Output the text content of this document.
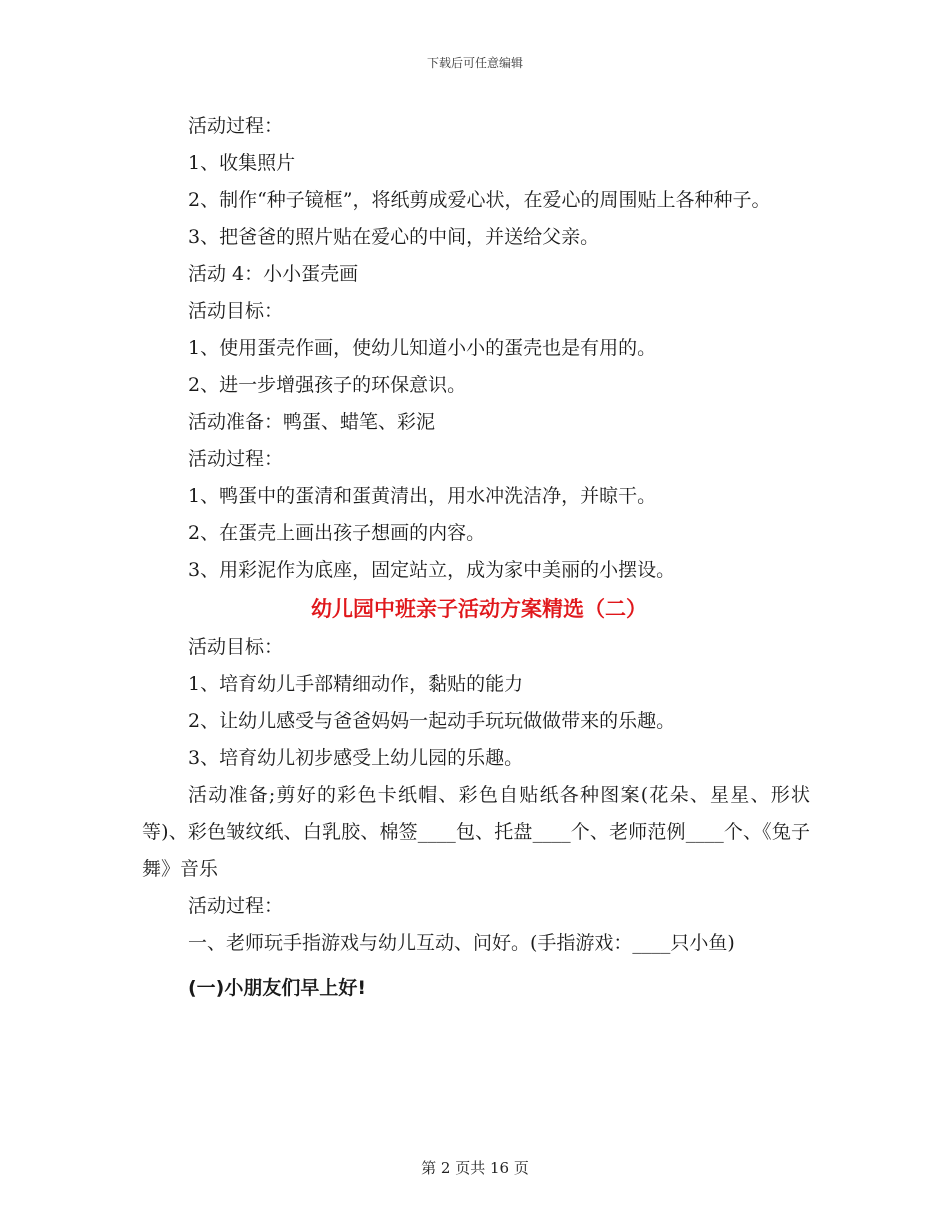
下载后可任意编辑

活动过程：

1、收集照片

2、制作“种子镜框”，将纸剪成爱心状，在爱心的周围贴上各种种子。

3、把爸爸的照片贴在爱心的中间，并送给父亲。

活动 4：小小蛋壳画

活动目标：

1、使用蛋壳作画，使幼儿知道小小的蛋壳也是有用的。

2、进一步增强孩子的环保意识。

活动准备：鸭蛋、蜡笔、彩泥

活动过程：

1、鸭蛋中的蛋清和蛋黄清出，用水冲洗洁净，并晾干。

2、在蛋壳上画出孩子想画的内容。

3、用彩泥作为底座，固定站立，成为家中美丽的小摆设。

幼儿园中班亲子活动方案精选（二）

活动目标：

1、培育幼儿手部精细动作，黏贴的能力

2、让幼儿感受与爸爸妈妈一起动手玩玩做做带来的乐趣。

3、培育幼儿初步感受上幼儿园的乐趣。

活动准备;剪好的彩色卡纸帽、彩色自贴纸各种图案(花朵、星星、形状等)、彩色皱纹纸、白乳胶、棉签____包、托盘____个、老师范例____个、《兔子舞》音乐

活动过程：

一、老师玩手指游戏与幼儿互动、问好。(手指游戏：____只小鱼)

(一)小朋友们早上好!

第 2 页共 16 页
